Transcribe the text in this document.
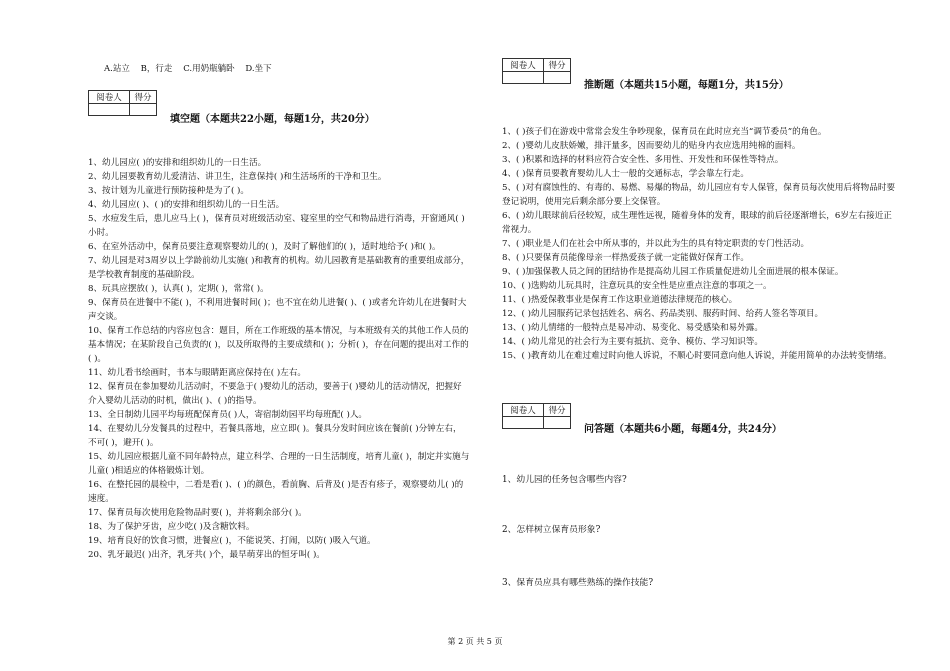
A.站立    B，行走    C.用奶瓶躺卧    D.坐下
阅卷人	得分

填空题（本题共22小题，每题1分，共20分）
1、幼儿园应( )的安排和组织幼儿的一日生活。
2、幼儿园要教育幼儿爱清洁、讲卫生，注意保持( )和生活场所的干净和卫生。
3、按计划为儿童进行预防接种是为了( )。
4、幼儿园应( )、( )的安排和组织幼儿的一日生活。
5、水痘发生后，患儿应马上( )，保育员对班级活动室、寝室里的空气和物品进行消毒，开窗通风( )小时。
6、在室外活动中，保育员要注意观察婴幼儿的( )，及时了解他们的( )，适时地给予( )和( )。
7、幼儿园是对3周岁以上学龄前幼儿实施( )和教育的机构。幼儿园教育是基础教育的重要组成部分，是学校教育制度的基础阶段。
8、玩具应摆放( )，认真( )，定期( )，常常( )。
9、保育员在进餐中不能( )，不利用进餐时间( )；也不宜在幼儿进餐( )、( )或者允许幼儿在进餐时大声交谈。
10、保育工作总结的内容应包含：题目，所在工作班级的基本情况，与本班级有关的其他工作人员的基本情况；在某阶段自己负责的( )，以及所取得的主要成绩和( )；分析( )，存在问题的提出对工作的( )。
11、幼儿看书绘画时，书本与眼睛距离应保持在( )左右。
12、保育员在参加婴幼儿活动时，不要急于( )婴幼儿的活动，要善于( )婴幼儿的活动情况，把握好介入婴幼儿活动的时机，做出( )、( )的指导。
13、全日制幼儿园平均每班配保育员( )人，寄宿制幼园平均每班配( )人。
14、在婴幼儿分发餐具的过程中，若餐具落地，应立即( )。餐具分发时间应该在餐前( )分钟左右，不可( )，避开( )。
15、幼儿园应根据儿童不同年龄特点，建立科学、合理的一日生活制度，培育儿童( )，制定并实施与儿童( )相适应的体格锻炼计划。
16、在整托园的晨检中，二看是看( )、( )的颜色，看前胸、后背及( )是否有疹子，观察婴幼儿( )的速度。
17、保育员每次使用危险物品时要( )，并将剩余部分( )。
18、为了保护牙齿，应少吃( )及含糖饮料。
19、培育良好的饮食习惯，进餐应( )，不能说笑、打闹，以防( )吸入气道。
20、乳牙最迟( )出齐，乳牙共( )个，最早萌芽出的恒牙叫( )。
阅卷人	得分

推断题（本题共15小题，每题1分，共15分）
1、( )孩子们在游戏中常常会发生争吵现象，保育员在此时应充当“调节委员”的角色。
2、( )婴幼儿皮肤娇嫩，排汗量多，因而要幼儿的贴身内衣应选用纯棉的面料。
3、( )积累和选择的材料应符合安全性、多用性、开发性和环保性等特点。
4、( )保育员要教育婴幼儿人士一般的交通标志，学会靠左行走。
5、( )对有腐蚀性的、有毒的、易燃、易爆的物品，幼儿园应有专人保管，保育员每次使用后将物品时要登记说明，使用完后剩余部分要上交保管。
6、( )幼儿眼球前后径较短，成生理性远视，随着身体的发育，眼球的前后径逐渐增长，6岁左右接近正常视力。
7、( )职业是人们在社会中所从事的，并以此为生的具有特定职责的专门性活动。
8、( )只要保育员能像母亲一样热爱孩子就一定能做好保育工作。
9、( )加强保教人员之间的团结协作是提高幼儿园工作质量促进幼儿全面进展的根本保证。
10、( )选购幼儿玩具时，注意玩具的安全性是应重点注意的事项之一。
11、( )热爱保教事业是保育工作这职业道德法律规范的核心。
12、( )幼儿园服药记录包括姓名、病名、药品类别、服药时间、给药人签名等项目。
13、( )幼儿情绪的一般特点是易冲动、易变化、易受感染和易外露。
14、( )幼儿常见的社会行为主要有抵抗、竞争、模仿、学习知识等。
15、( )教育幼儿在难过难过时向他人诉说，不顺心时要同意向他人诉说，并能用简单的办法转变情绪。
阅卷人	得分

问答题（本题共6小题，每题4分，共24分）
1、幼儿园的任务包含哪些内容?
2、怎样树立保育员形象?
3、保育员应具有哪些熟练的操作技能?
第 2 页 共 5 页
